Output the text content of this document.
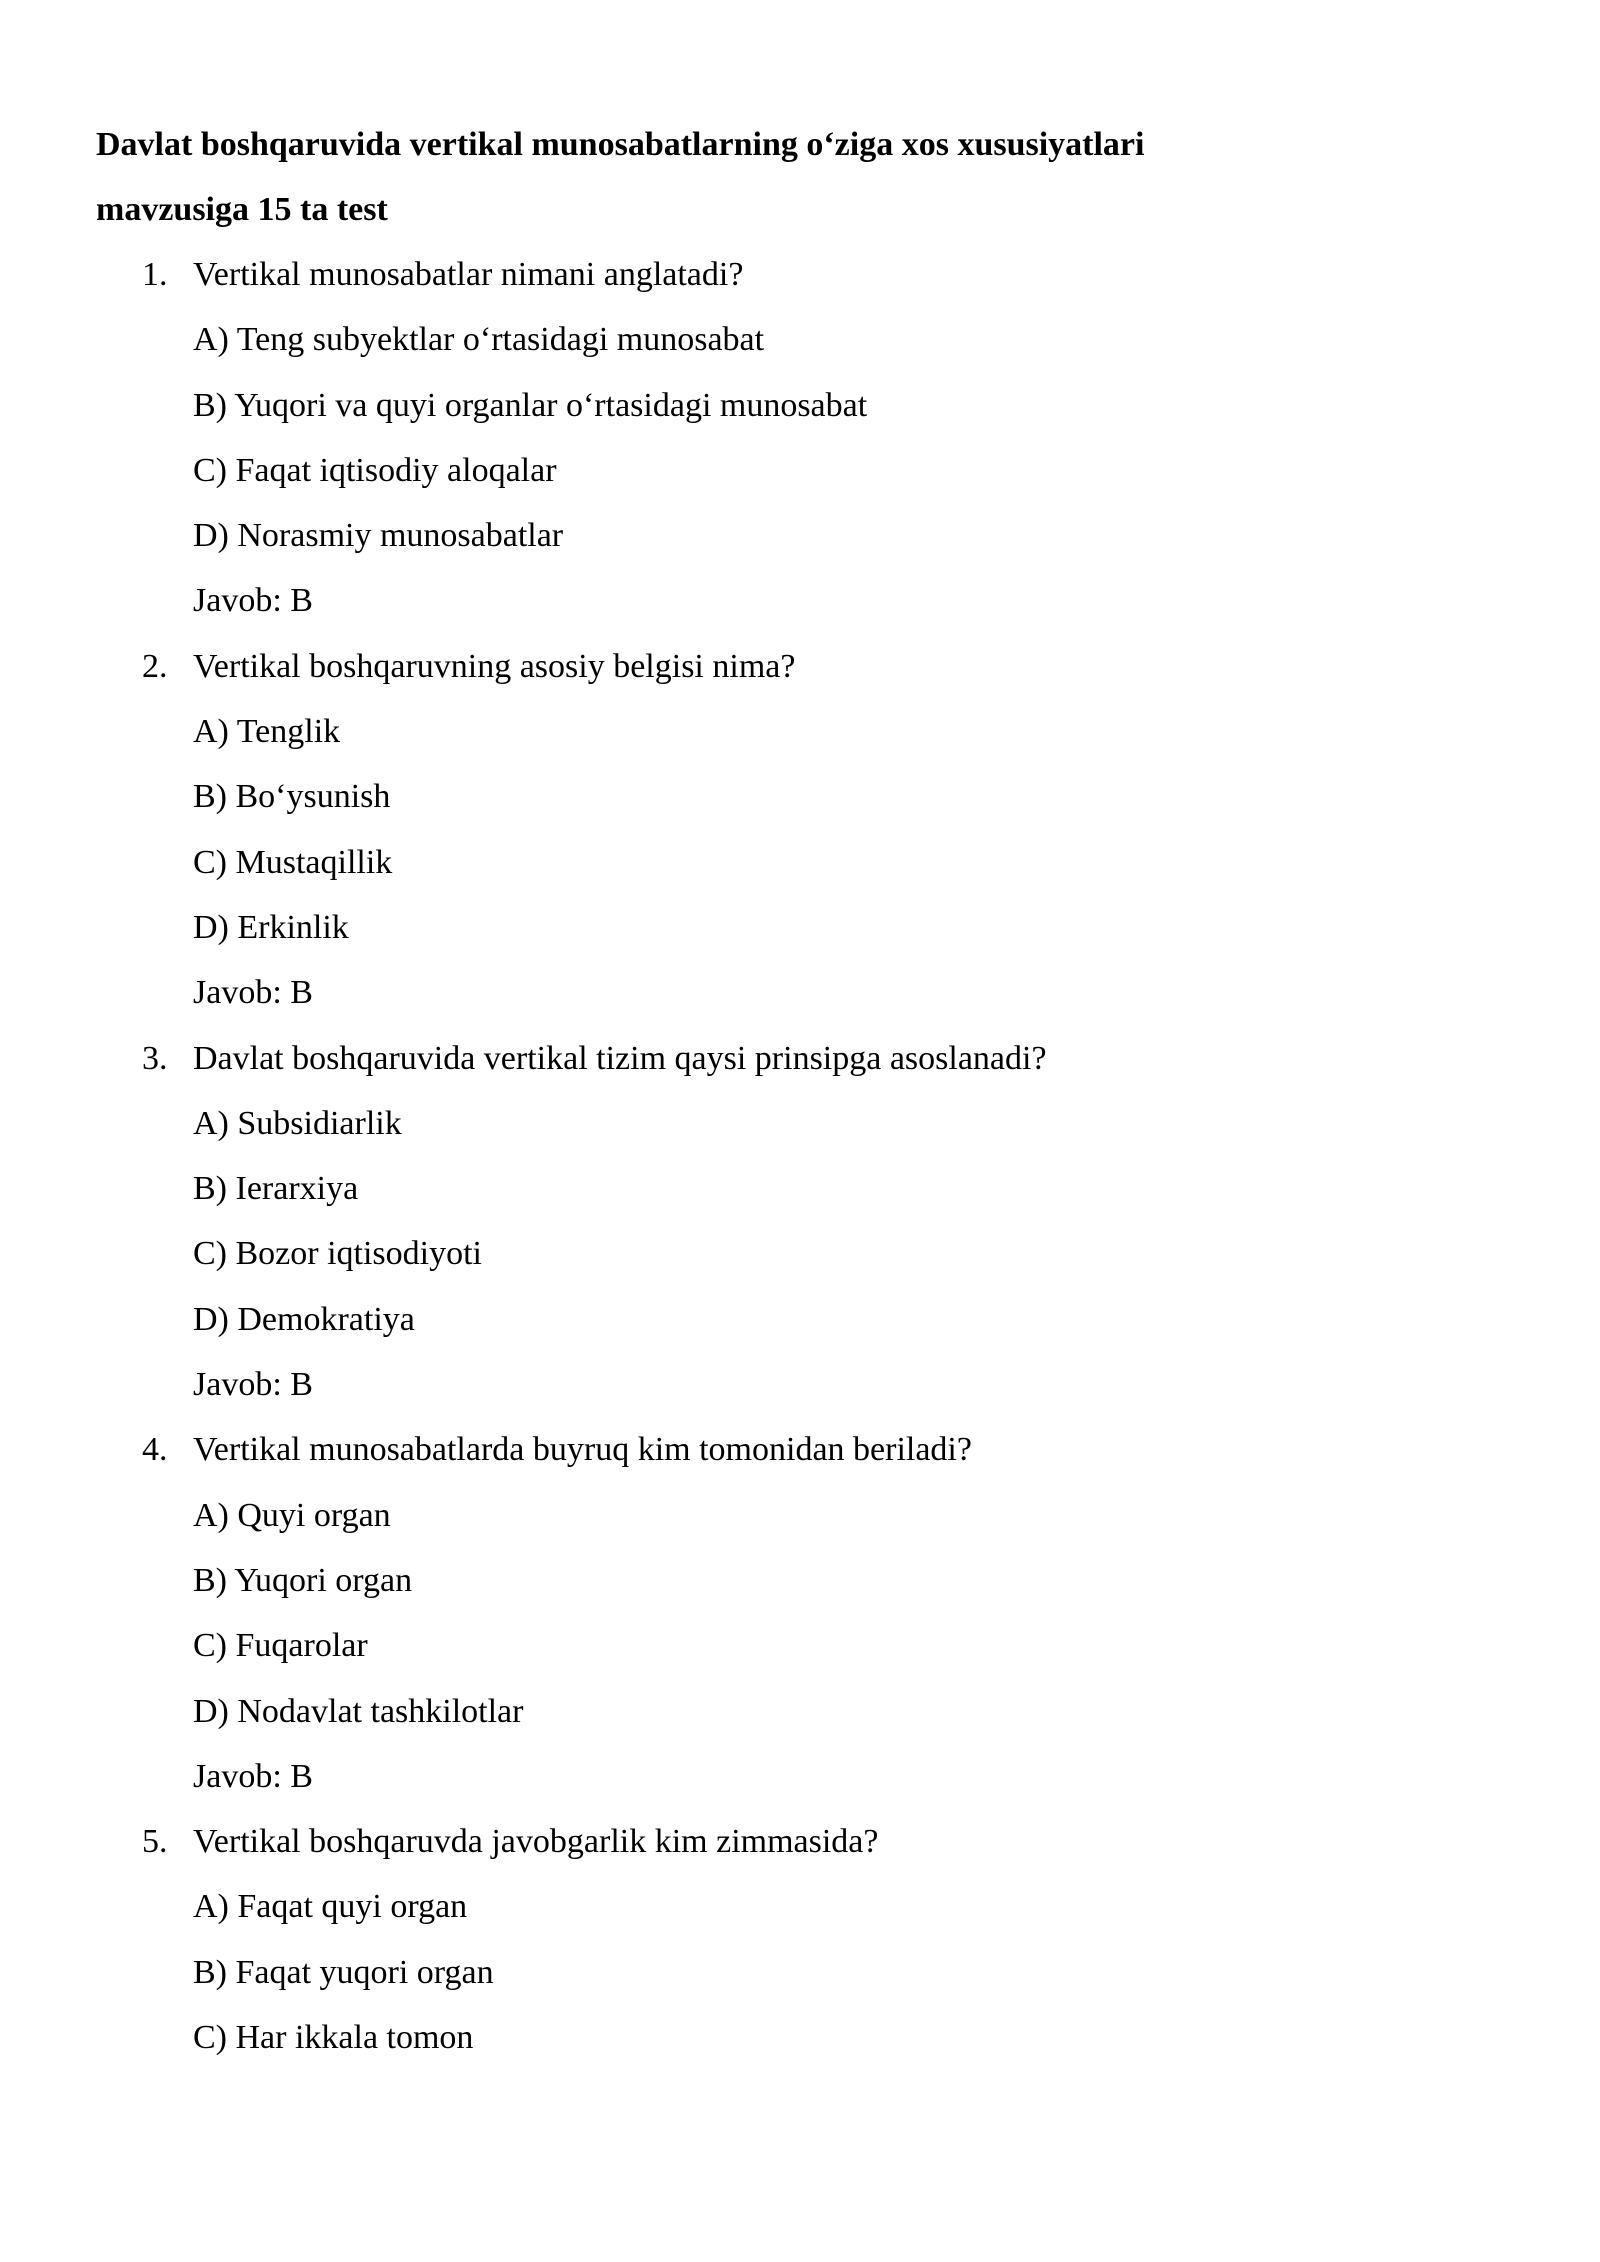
Davlat boshqaruvida vertikal munosabatlarning o‘ziga xos xususiyatlari
mavzusiga 15 ta test
1. Vertikal munosabatlar nimani anglatadi?
A) Teng subyektlar o‘rtasidagi munosabat
B) Yuqori va quyi organlar o‘rtasidagi munosabat
C) Faqat iqtisodiy aloqalar
D) Norasmiy munosabatlar
Javob: B
2. Vertikal boshqaruvning asosiy belgisi nima?
A) Tenglik
B) Bo‘ysunish
C) Mustaqillik
D) Erkinlik
Javob: B
3. Davlat boshqaruvida vertikal tizim qaysi prinsipga asoslanadi?
A) Subsidiarlik
B) Ierarxiya
C) Bozor iqtisodiyoti
D) Demokratiya
Javob: B
4. Vertikal munosabatlarda buyruq kim tomonidan beriladi?
A) Quyi organ
B) Yuqori organ
C) Fuqarolar
D) Nodavlat tashkilotlar
Javob: B
5. Vertikal boshqaruvda javobgarlik kim zimmasida?
A) Faqat quyi organ
B) Faqat yuqori organ
C) Har ikkala tomon
